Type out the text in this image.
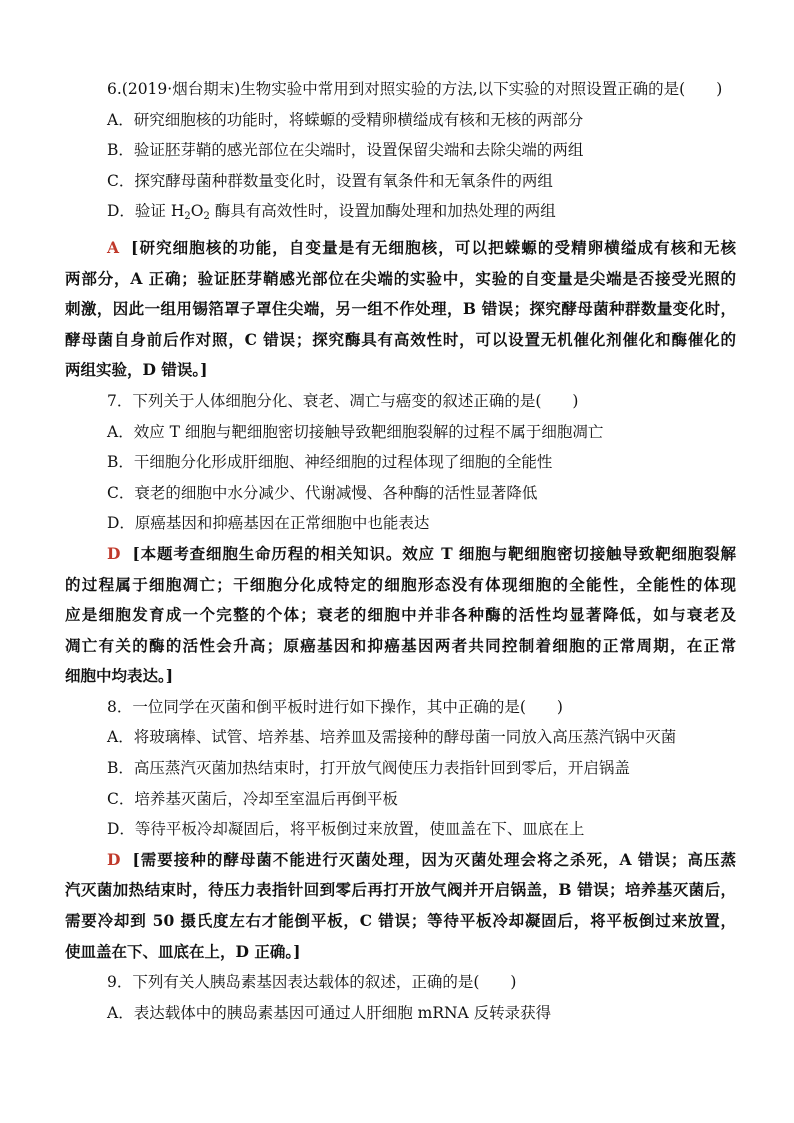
6.(2019·烟台期末)生物实验中常用到对照实验的方法,以下实验的对照设置正确的是(　　)
A．研究细胞核的功能时，将蝾螈的受精卵横缢成有核和无核的两部分
B．验证胚芽鞘的感光部位在尖端时，设置保留尖端和去除尖端的两组
C．探究酵母菌种群数量变化时，设置有氧条件和无氧条件的两组
D．验证 $H_2O_2$ 酶具有高效性时，设置加酶处理和加热处理的两组
A [研究细胞核的功能，自变量是有无细胞核，可以把蝾螈的受精卵横缢成有核和无核
两部分，A 正确；验证胚芽鞘感光部位在尖端的实验中，实验的自变量是尖端是否接受光照的
刺激，因此一组用锡箔罩子罩住尖端，另一组不作处理，B 错误；探究酵母菌种群数量变化时，
酵母菌自身前后作对照，C 错误；探究酶具有高效性时，可以设置无机催化剂催化和酶催化的
两组实验，D 错误。]
7．下列关于人体细胞分化、衰老、凋亡与癌变的叙述正确的是(　　)
A．效应 T 细胞与靶细胞密切接触导致靶细胞裂解的过程不属于细胞凋亡
B．干细胞分化形成肝细胞、神经细胞的过程体现了细胞的全能性
C．衰老的细胞中水分减少、代谢减慢、各种酶的活性显著降低
D．原癌基因和抑癌基因在正常细胞中也能表达
D [本题考查细胞生命历程的相关知识。效应 T 细胞与靶细胞密切接触导致靶细胞裂解
的过程属于细胞凋亡；干细胞分化成特定的细胞形态没有体现细胞的全能性，全能性的体现
应是细胞发育成一个完整的个体；衰老的细胞中并非各种酶的活性均显著降低，如与衰老及
凋亡有关的酶的活性会升高；原癌基因和抑癌基因两者共同控制着细胞的正常周期，在正常
细胞中均表达。]
8．一位同学在灭菌和倒平板时进行如下操作，其中正确的是(　　)
A．将玻璃棒、试管、培养基、培养皿及需接种的酵母菌一同放入高压蒸汽锅中灭菌
B．高压蒸汽灭菌加热结束时，打开放气阀使压力表指针回到零后，开启锅盖
C．培养基灭菌后，冷却至室温后再倒平板
D．等待平板冷却凝固后，将平板倒过来放置，使皿盖在下、皿底在上
D [需要接种的酵母菌不能进行灭菌处理，因为灭菌处理会将之杀死，A 错误；高压蒸
汽灭菌加热结束时，待压力表指针回到零后再打开放气阀并开启锅盖，B 错误；培养基灭菌后，
需要冷却到 50 摄氏度左右才能倒平板，C 错误；等待平板冷却凝固后，将平板倒过来放置，
使皿盖在下、皿底在上，D 正确。]
9．下列有关人胰岛素基因表达载体的叙述，正确的是(　　)
A．表达载体中的胰岛素基因可通过人肝细胞 mRNA 反转录获得
